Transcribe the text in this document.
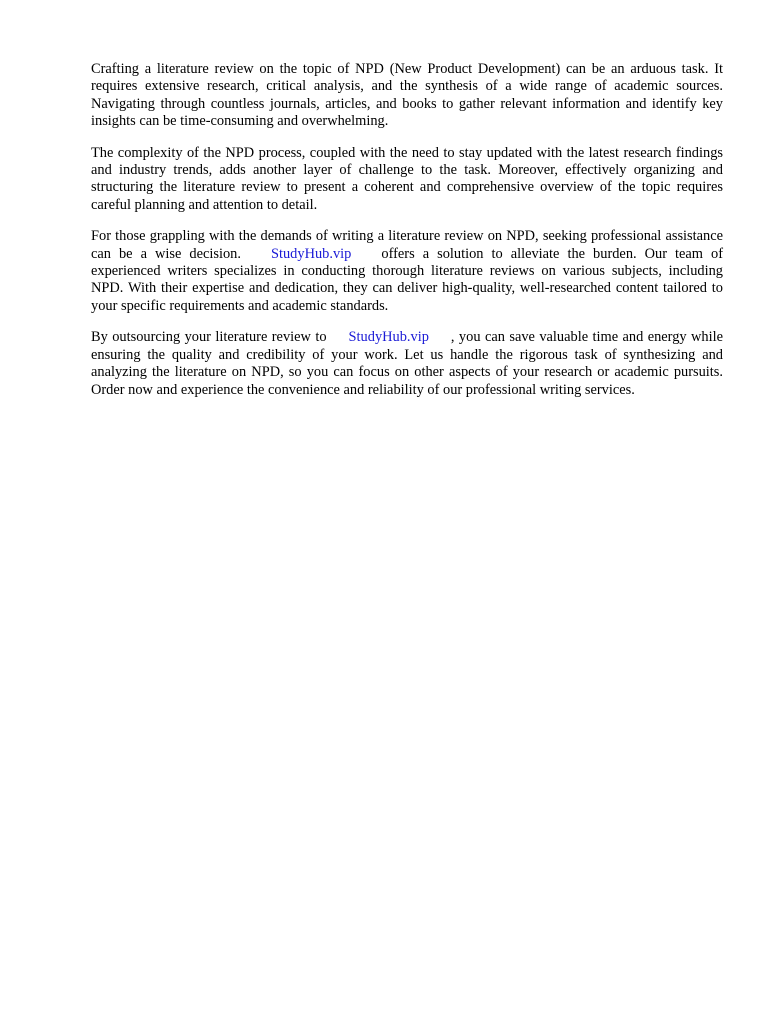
Crafting a literature review on the topic of NPD (New Product Development) can be an arduous task. It requires extensive research, critical analysis, and the synthesis of a wide range of academic sources. Navigating through countless journals, articles, and books to gather relevant information and identify key insights can be time-consuming and overwhelming.

The complexity of the NPD process, coupled with the need to stay updated with the latest research findings and industry trends, adds another layer of challenge to the task. Moreover, effectively organizing and structuring the literature review to present a coherent and comprehensive overview of the topic requires careful planning and attention to detail.

For those grappling with the demands of writing a literature review on NPD, seeking professional assistance can be a wise decision. StudyHub.vip offers a solution to alleviate the burden. Our team of experienced writers specializes in conducting thorough literature reviews on various subjects, including NPD. With their expertise and dedication, they can deliver high-quality, well-researched content tailored to your specific requirements and academic standards.

By outsourcing your literature review to StudyHub.vip , you can save valuable time and energy while ensuring the quality and credibility of your work. Let us handle the rigorous task of synthesizing and analyzing the literature on NPD, so you can focus on other aspects of your research or academic pursuits. Order now and experience the convenience and reliability of our professional writing services.
